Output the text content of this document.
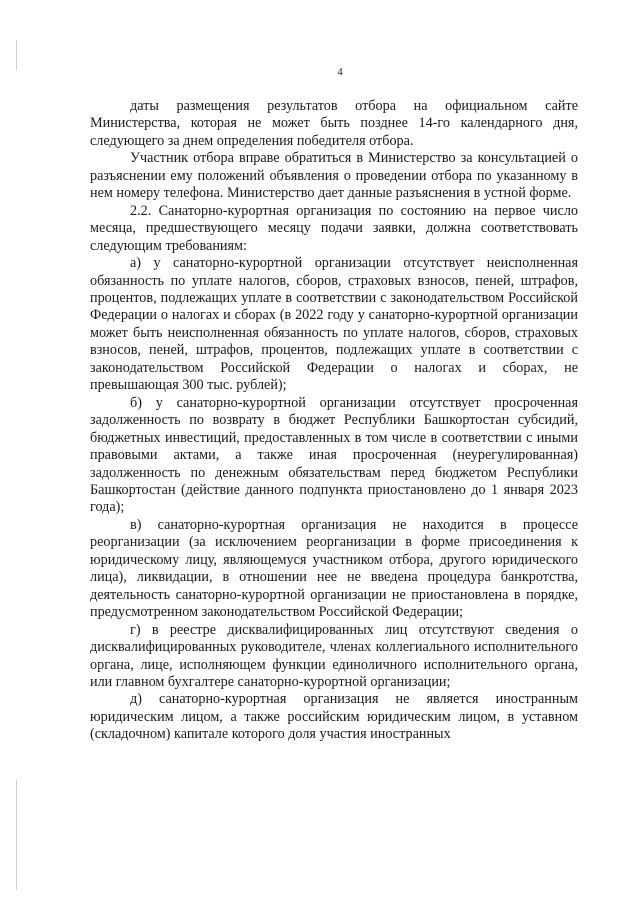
4

даты размещения результатов отбора на официальном сайте Министерства, которая не может быть позднее 14-го календарного дня, следующего за днем определения победителя отбора.

Участник отбора вправе обратиться в Министерство за консультацией о разъяснении ему положений объявления о проведении отбора по указанному в нем номеру телефона. Министерство дает данные разъяснения в устной форме.

2.2. Санаторно-курортная организация по состоянию на первое число месяца, предшествующего месяцу подачи заявки, должна соответствовать следующим требованиям:

а) у санаторно-курортной организации отсутствует неисполненная обязанность по уплате налогов, сборов, страховых взносов, пеней, штрафов, процентов, подлежащих уплате в соответствии с законодательством Российской Федерации о налогах и сборах (в 2022 году у санаторно-курортной организации может быть неисполненная обязанность по уплате налогов, сборов, страховых взносов, пеней, штрафов, процентов, подлежащих уплате в соответствии с законодательством Российской Федерации о налогах и сборах, не превышающая 300 тыс. рублей);

б) у санаторно-курортной организации отсутствует просроченная задолженность по возврату в бюджет Республики Башкортостан субсидий, бюджетных инвестиций, предоставленных в том числе в соответствии с иными правовыми актами, а также иная просроченная (неурегулированная) задолженность по денежным обязательствам перед бюджетом Республики Башкортостан (действие данного подпункта приостановлено до 1 января 2023 года);

в) санаторно-курортная организация не находится в процессе реорганизации (за исключением реорганизации в форме присоединения к юридическому лицу, являющемуся участником отбора, другого юридического лица), ликвидации, в отношении нее не введена процедура банкротства, деятельность санаторно-курортной организации не приостановлена в порядке, предусмотренном законодательством Российской Федерации;

г) в реестре дисквалифицированных лиц отсутствуют сведения о дисквалифицированных руководителе, членах коллегиального исполнительного органа, лице, исполняющем функции единоличного исполнительного органа, или главном бухгалтере санаторно-курортной организации;

д) санаторно-курортная организация не является иностранным юридическим лицом, а также российским юридическим лицом, в уставном (складочном) капитале которого доля участия иностранных
